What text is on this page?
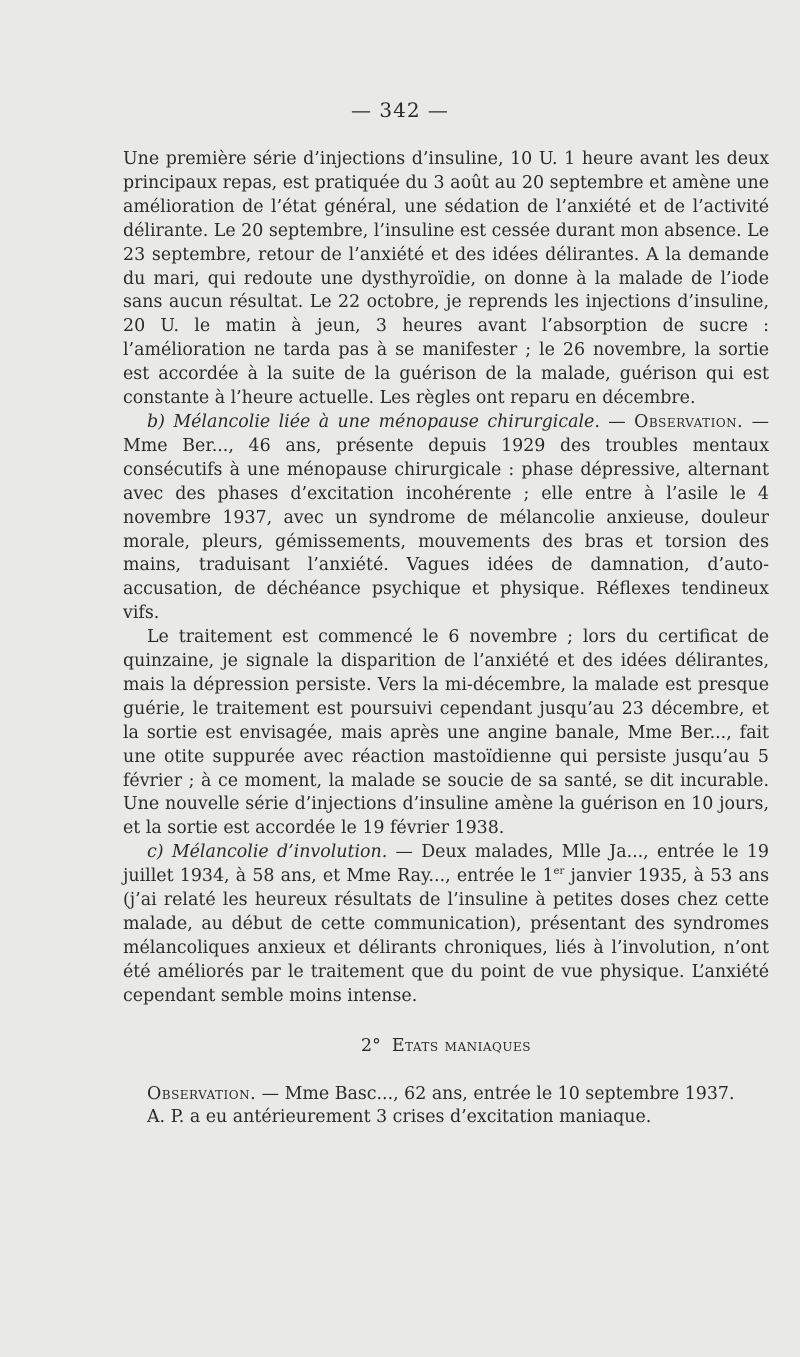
— 342 —

Une première série d’injections d’insuline, 10 U. 1 heure avant les deux principaux repas, est pratiquée du 3 août au 20 septembre et amène une amélioration de l’état général, une sédation de l’anxiété et de l’activité délirante. Le 20 septembre, l’insuline est cessée durant mon absence. Le 23 septembre, retour de l’anxiété et des idées délirantes. A la demande du mari, qui redoute une dysthyroïdie, on donne à la malade de l’iode sans aucun résultat. Le 22 octobre, je reprends les injections d’insuline, 20 U. le matin à jeun, 3 heures avant l’absorption de sucre : l’amélioration ne tarda pas à se manifester ; le 26 novembre, la sortie est accordée à la suite de la guérison de la malade, guérison qui est constante à l’heure actuelle. Les règles ont reparu en décembre.

b) Mélancolie liée à une ménopause chirurgicale. — Observation. — Mme Ber..., 46 ans, présente depuis 1929 des troubles mentaux consécutifs à une ménopause chirurgicale : phase dépressive, alternant avec des phases d’excitation incohérente ; elle entre à l’asile le 4 novembre 1937, avec un syndrome de mélancolie anxieuse, douleur morale, pleurs, gémissements, mouvements des bras et torsion des mains, traduisant l’anxiété. Vagues idées de damnation, d’auto-accusation, de déchéance psychique et physique. Réflexes tendineux vifs.

Le traitement est commencé le 6 novembre ; lors du certificat de quinzaine, je signale la disparition de l’anxiété et des idées délirantes, mais la dépression persiste. Vers la mi-décembre, la malade est presque guérie, le traitement est poursuivi cependant jusqu’au 23 décembre, et la sortie est envisagée, mais après une angine banale, Mme Ber..., fait une otite suppurée avec réaction mastoïdienne qui persiste jusqu’au 5 février ; à ce moment, la malade se soucie de sa santé, se dit incurable. Une nouvelle série d’injections d’insuline amène la guérison en 10 jours, et la sortie est accordée le 19 février 1938.

c) Mélancolie d’involution. — Deux malades, Mlle Ja..., entrée le 19 juillet 1934, à 58 ans, et Mme Ray..., entrée le 1er janvier 1935, à 53 ans (j’ai relaté les heureux résultats de l’insuline à petites doses chez cette malade, au début de cette communication), présentant des syndromes mélancoliques anxieux et délirants chroniques, liés à l’involution, n’ont été améliorés par le traitement que du point de vue physique. L’anxiété cependant semble moins intense.

2° Etats maniaques

Observation. — Mme Basc..., 62 ans, entrée le 10 septembre 1937.

A. P. a eu antérieurement 3 crises d’excitation maniaque.
